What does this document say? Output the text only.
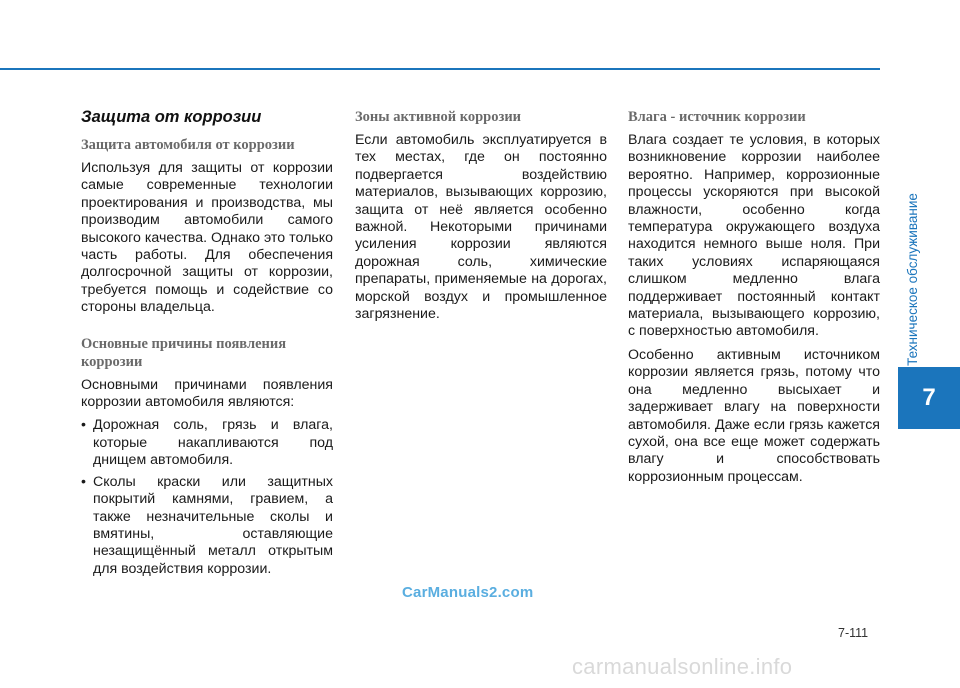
Защита от коррозии
Защита автомобиля от коррозии

Используя для защиты от коррозии самые современные технологии проектирования и производства, мы производим автомобили самого высокого качества. Однако это только часть работы. Для обеспечения долгосрочной защиты от коррозии, требуется помощь и содействие со стороны владельца.

Основные причины появления коррозии

Основными причинами появления коррозии автомобиля являются:

• Дорожная соль, грязь и влага, которые накапливаются под днищем автомобиля.
• Сколы краски или защитных покрытий камнями, гравием, а также незначительные сколы и вмятины, оставляющие незащищённый металл открытым для воздействия коррозии.
Зоны активной коррозии

Если автомобиль эксплуатируется в тех местах, где он постоянно подвергается воздействию материалов, вызывающих коррозию, защита от неё является особенно важной. Некоторыми причинами усиления коррозии являются дорожная соль, химические препараты, применяемые на дорогах, морской воздух и промышленное загрязнение.

Влага - источник коррозии

Влага создает те условия, в которых возникновение коррозии наиболее вероятно. Например, коррозионные процессы ускоряются при высокой влажности, особенно когда температура окружающего воздуха находится немного выше ноля. При таких условиях испаряющаяся слишком медленно влага поддерживает постоянный контакт материала, вызывающего коррозию, с поверхностью автомобиля.

Особенно активным источником коррозии является грязь, потому что она медленно высыхает и задерживает влагу на поверхности автомобиля. Даже если грязь кажется сухой, она все еще может содержать влагу и способствовать коррозионным процессам.

Техническое обслуживание
7
CarManuals2.com
7-111
carmanualsonline.info
